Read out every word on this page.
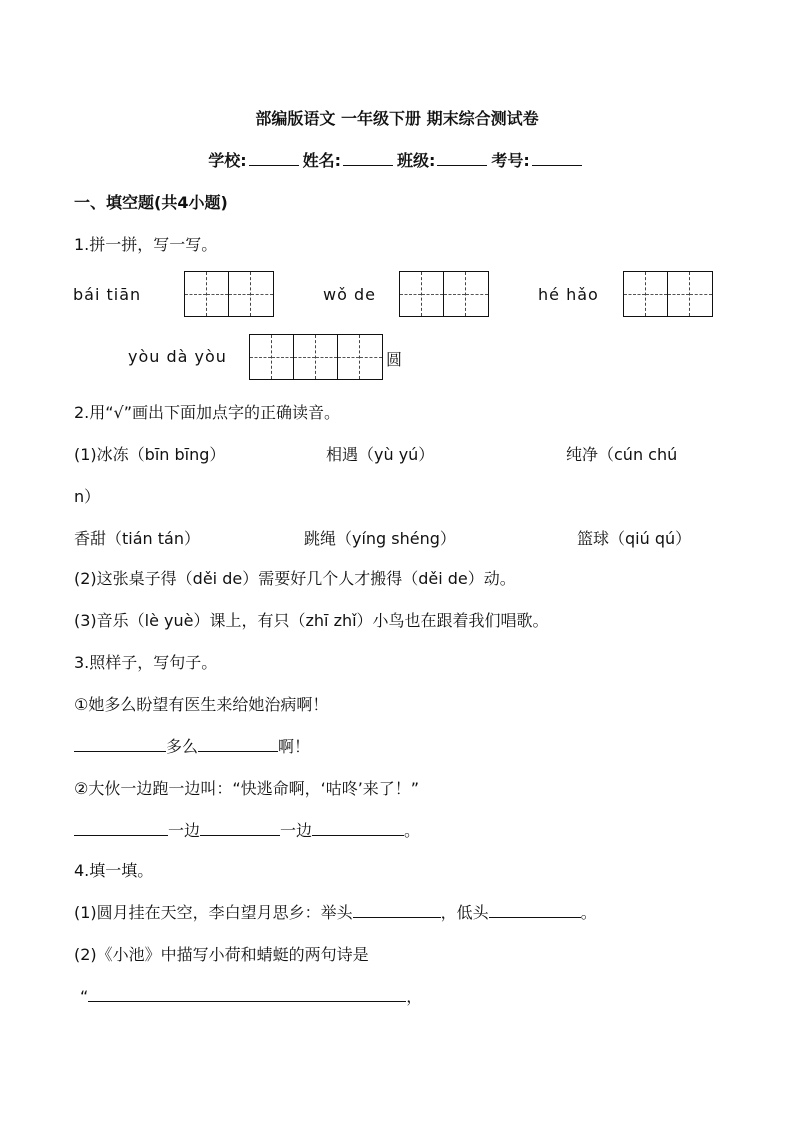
部编版语文 一年级下册 期末综合测试卷
学校:	姓名:	班级:	考号:
一、填空题(共4小题)
1.拼一拼，写一写。
bái tiān	wǒ de	hé hǎo
yòu dà yòu	圆
2.用“√”画出下面加点字的正确读音。
(1)冰冻（bīn bīng）	相遇（yù yú）	纯净（cún chú
n）
香甜（tián tán）	跳绳（yíng shéng）	篮球（qiú qú）
(2)这张桌子得（děi de）需要好几个人才搬得（děi de）动。
(3)音乐（lè yuè）课上，有只（zhī zhǐ）小鸟也在跟着我们唱歌。
3.照样子，写句子。
①她多么盼望有医生来给她治病啊！
多么	啊！
②大伙一边跑一边叫：“快逃命啊，‘咕咚’来了！”
一边	一边	。
4.填一填。
(1)圆月挂在天空，李白望月思乡：举头	，低头	。
(2)《小池》中描写小荷和蜻蜓的两句诗是
“	，
